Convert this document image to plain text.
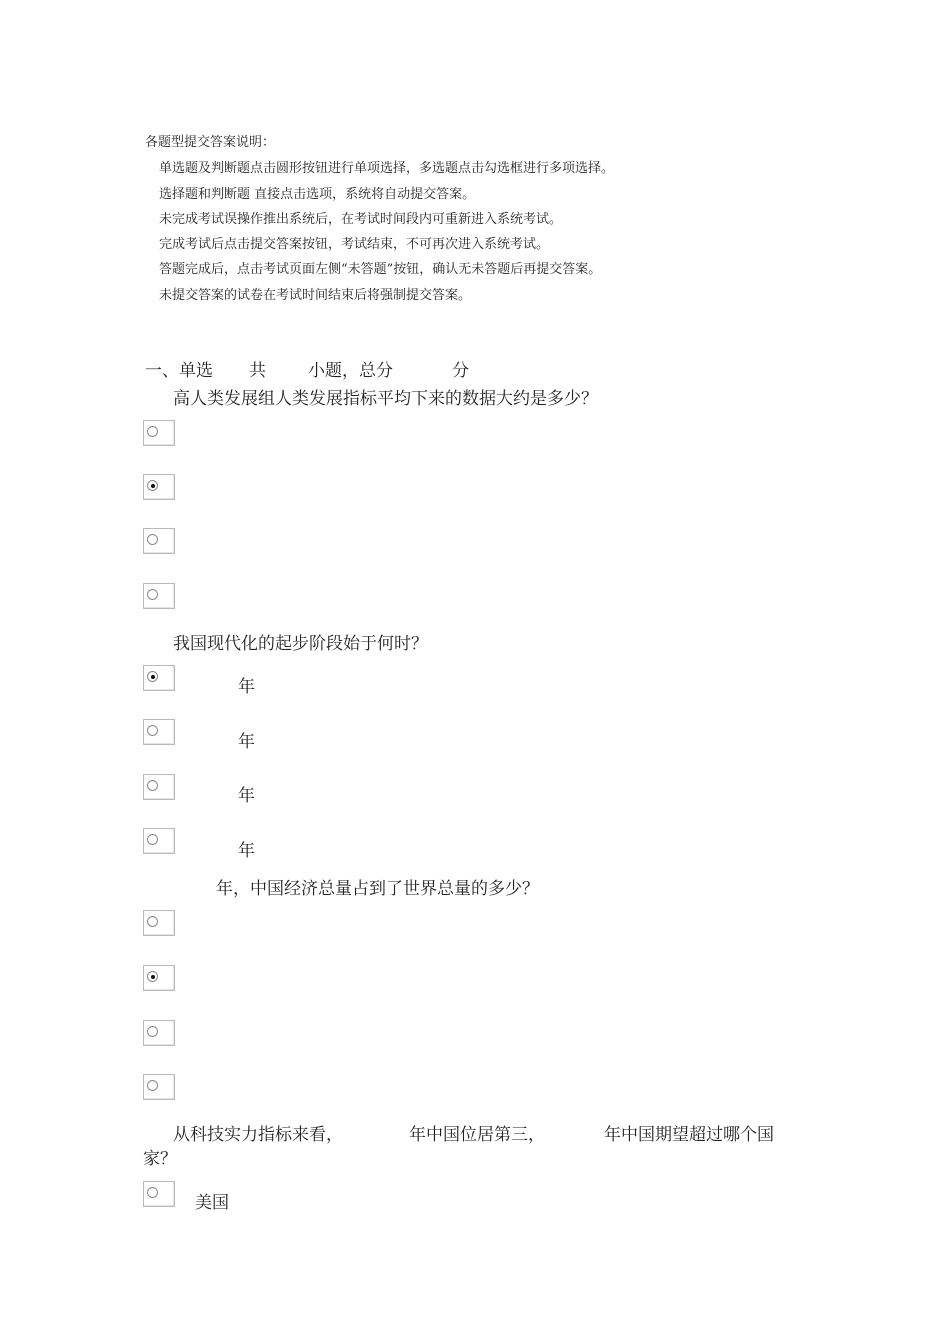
各题型提交答案说明：
单选题及判断题点击圆形按钮进行单项选择，多选题点击勾选框进行多项选择。
选择题和判断题 直接点击选项，系统将自动提交答案。
未完成考试误操作推出系统后，在考试时间段内可重新进入系统考试。
完成考试后点击提交答案按钮，考试结束，不可再次进入系统考试。
答题完成后，点击考试页面左侧“未答题”按钮，确认无未答题后再提交答案。
未提交答案的试卷在考试时间结束后将强制提交答案。
一、单选 共 小题，总分	分
高人类发展组人类发展指标平均下来的数据大约是多少？
我国现代化的起步阶段始于何时？
年
年
年
年
年，中国经济总量占到了世界总量的多少？
从科技实力指标来看，	年中国位居第三，	年中国期望超过哪个国
家？
美国
